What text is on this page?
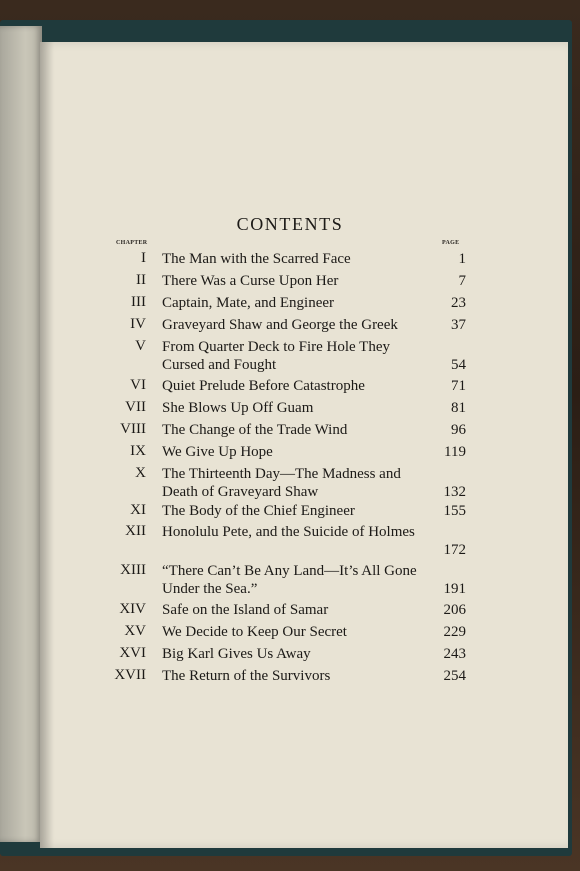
CONTENTS
CHAPTER	PAGE
I The Man with the Scarred Face	1
II There Was a Curse Upon Her	7
III Captain, Mate, and Engineer	23
IV Graveyard Shaw and George the Greek	37
V From Quarter Deck to Fire Hole They Cursed and Fought	54
VI Quiet Prelude Before Catastrophe	71
VII She Blows Up Off Guam	81
VIII The Change of the Trade Wind	96
IX We Give Up Hope	119
X The Thirteenth Day—The Madness and Death of Graveyard Shaw	132
XI The Body of the Chief Engineer	155
XII Honolulu Pete, and the Suicide of Holmes
172
XIII “There Can’t Be Any Land—It’s All Gone Under the Sea.”	191
XIV Safe on the Island of Samar	206
XV We Decide to Keep Our Secret	229
XVI Big Karl Gives Us Away	243
XVII The Return of the Survivors	254
